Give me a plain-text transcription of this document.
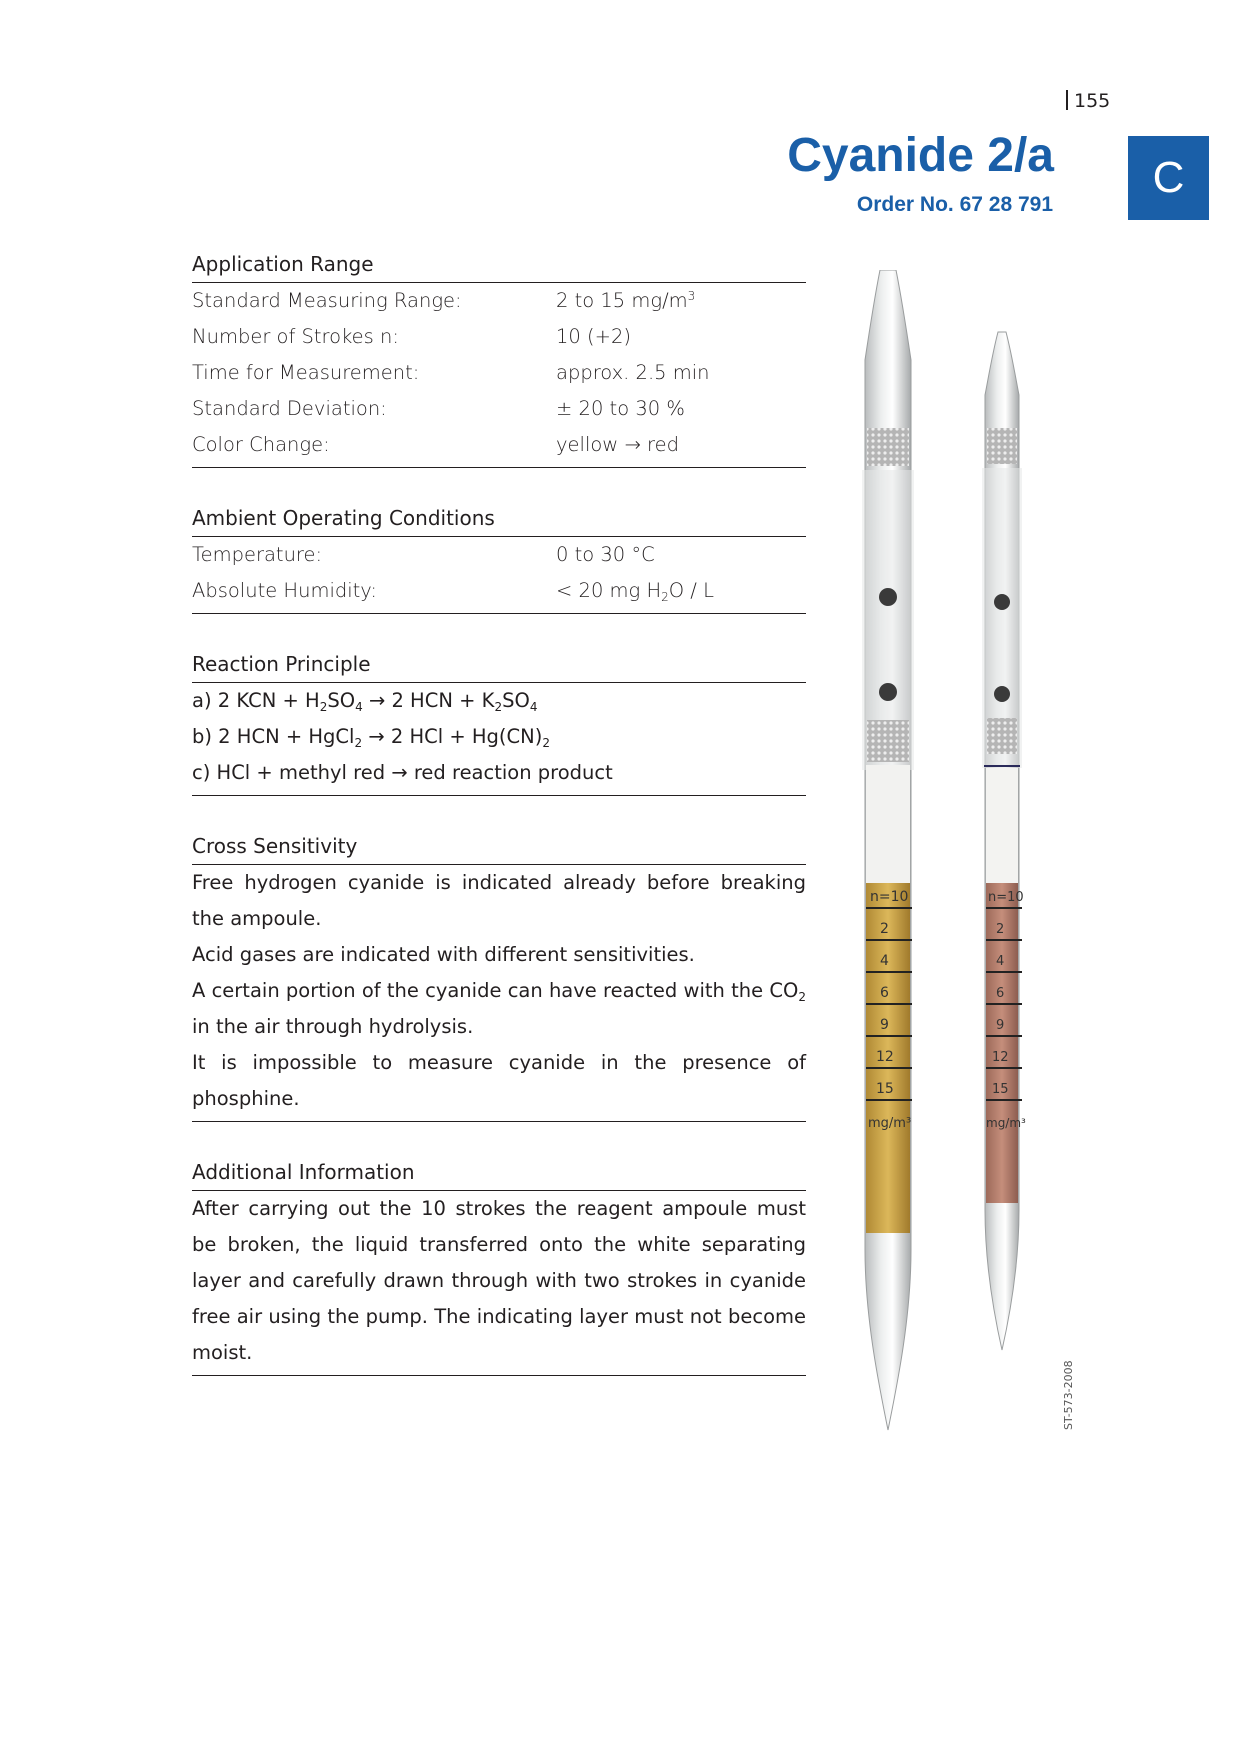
155
Cyanide 2/a
Order No. 67 28 791
C
Application Range
Standard Measuring Range:	2 to 15 $mg/m^3$
Number of Strokes n:	10 (+2)
Time for Measurement:	approx. 2.5 min
Standard Deviation:	± 20 to 30 %
Color Change:	yellow → red
Ambient Operating Conditions
Temperature:	0 to 30 °C
Absolute Humidity:	< 20 mg $H_2O$ / L
Reaction Principle
a) 2 KCN + $H_2SO_4 \to 2$ HCN + $K_2SO_4$
b) 2 HCN + HgCl$_2$ → 2 HCl + $Hg(CN)_2$
c) HCl + methyl red → red reaction product
Cross Sensitivity
Free hydrogen cyanide is indicated already before breaking the ampoule.
Acid gases are indicated with different sensitivities.
A certain portion of the cyanide can have reacted with the $CO_2$ in the air through hydrolysis.
It is impossible to measure cyanide in the presence of phosphine.
Additional Information
After carrying out the 10 strokes the reagent ampoule must be broken, the liquid transferred onto the white separating layer and carefully drawn through with two strokes in cyanide free air using the pump. The indicating layer must not become moist.
n=10
2
4
6
9
12
15
mg/m³
n=10
2
4
6
9
12
15
mg/m³
ST-573-2008
